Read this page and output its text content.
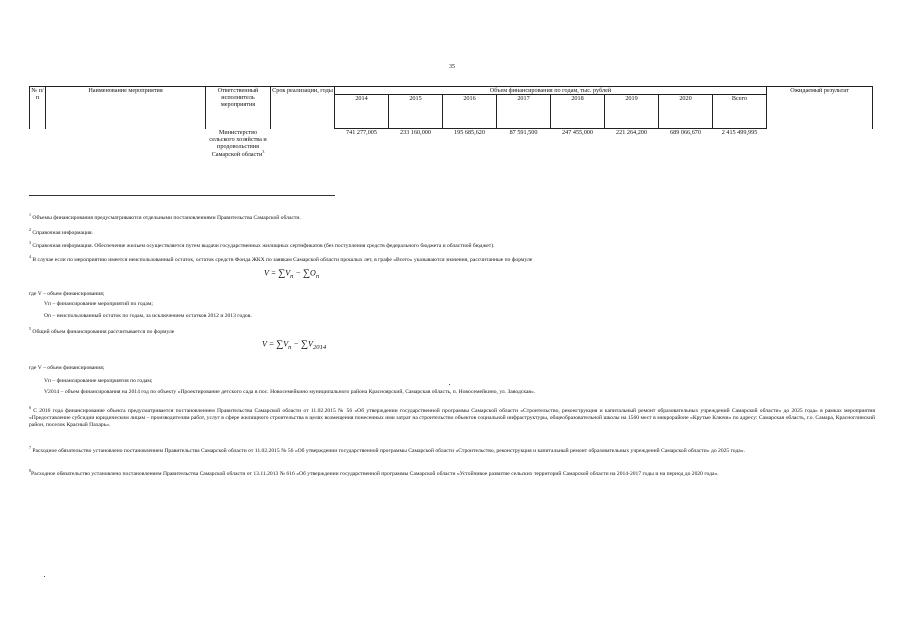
35
№ п/п	Наименование мероприятия	Ответственный исполнитель мероприятия	Срок реализации, годы	Объем финансирования по годам, тыс. рублей								Ожидаемый результат
				2014	2015	2016	2017	2018	2019	2020	Всего	
		Министерство сельского хозяйства и продовольствия Самарской области$^3$		741 277,005	233 160,000	195 685,620	87 591,500	247 455,000	221 264,200	689 066,670	2 415 499,995	
$^1$ Объемы финансирования предусматриваются отдельными постановлениями Правительства Самарской области.
$^2$ Справочная информация.
$^3$ Справочная информация. Обеспечение жильем осуществляется путем выдачи государственных жилищных сертификатов (без поступления средств федерального бюджета и областной бюджет).
$^4$ В случае если по мероприятию имеется неиспользованный остаток, остаток средств Фонда ЖКХ по заявкам Самарской области прошлых лет, в графе «Всего» указываются значения, рассчитанные по формуле
$V = \sum V_п - \sum O_п$
где V – объем финансирования;
Vп – финансирование мероприятий по годам;
Oп – неиспользованный остаток по годам, за исключением остатков 2012 и 2013 годов.
$^5$ Общий объем финансирования рассчитывается по формуле
$V = \sum V_п - \sum V_{2014}$
где V – объем финансирования;
Vп – финансирование мероприятия по годам;
V2014 – объем финансирования на 2014 год по объекту «Проектирование детского сада в пос. Новосемейкино муниципального района Красноярский, Самарская область, п. Новосемейкино, ул. Заводская».
$^6$ С 2016 года финансирование объекта предусматривается постановлением Правительства Самарской области от 11.02.2015 № 56 «Об утверждении государственной программы Самарской области «Строительство, реконструкция и капитальный ремонт образовательных учреждений Самарской области» до 2025 года» в рамках мероприятия «Предоставление субсидии юридическим лицам – производителям работ, услуг в сфере жилищного строительства в целях возмещения понесенных ими затрат на строительство объектов социальной инфраструктуры, общеобразовательной школы на 1560 мест в микрорайоне «Крутые Ключи» по адресу: Самарская область, г.о. Самара, Красноглинский район, поселок Красный Пахарь».
$^7$ Расходное обязательство установлено постановлением Правительства Самарской области от 11.02.2015 № 56 «Об утверждении государственной программы Самарской области «Строительство, реконструкция и капитальный ремонт образовательных учреждений Самарской области» до 2025 года».
$^8$Расходное обязательство установлено постановлением Правительства Самарской области от 13.11.2013 № 616 «Об утверждении государственной программы Самарской области «Устойчивое развитие сельских территорий Самарской области на 2014-2017 годы и на период до 2020 года».
